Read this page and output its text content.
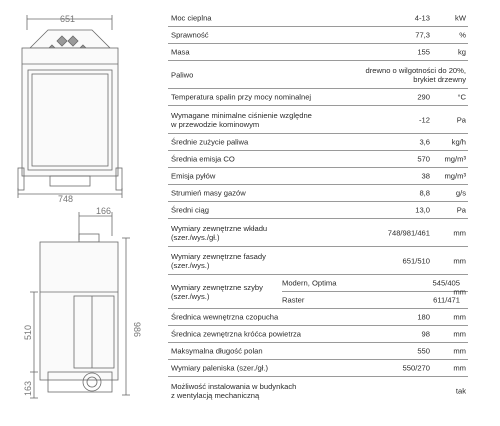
651
748
166
986
510
163
Moc cieplna	4-13	kW
Sprawność	77,3	%
Masa	155	kg
Paliwo	drewno o wilgotności do 20%,
brykiet drzewny
Temperatura spalin przy mocy nominalnej	290	°C
Wymagane minimalne ciśnienie względne
w przewodzie kominowym	-12	Pa
Średnie zużycie paliwa	3,6	kg/h
Średnia emisja CO	570 mg/m³
Emisja pyłów	38 mg/m³
Strumień masy gazów	8,8	g/s
Średni ciąg	13,0	Pa
Wymiary zewnętrzne wkładu
(szer./wys./gł.)	748/981/461	mm
Wymiary zewnętrzne fasady
(szer./wys.)	651/510	mm
Wymiary zewnętrzne szyby
(szer./wys.)
Modern, Optima	545/405
Raster	611/471
mm
Średnica wewnętrzna czopucha	180	mm
Średnica zewnętrzna króćca powietrza	98	mm
Maksymalna długość polan	550	mm
Wymiary paleniska (szer./gł.)	550/270	mm
Możliwość instalowania w budynkach
z wentylacją mechaniczną	tak
